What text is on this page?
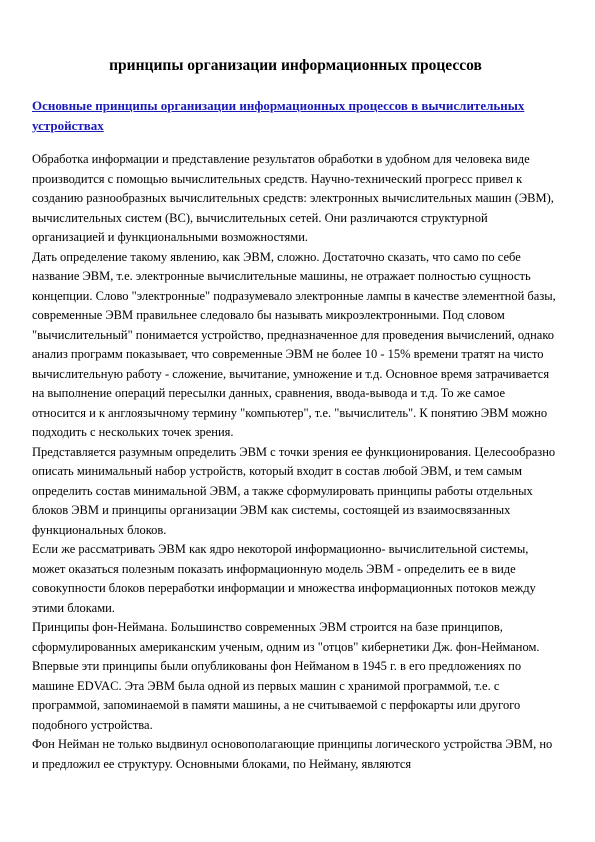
принципы организации информационных процессов
Основные принципы организации информационных процессов в вычислительных устройствах

Обработка информации и представление результатов обработки в удобном для человека виде производится с помощью вычислительных средств. Научно-технический прогресс привел к созданию разнообразных вычислительных средств: электронных вычислительных машин (ЭВМ), вычислительных систем (ВС), вычислительных сетей. Они различаются структурной организацией и функциональными возможностями.

Дать определение такому явлению, как ЭВМ, сложно. Достаточно сказать, что само по себе название ЭВМ, т.е. электронные вычислительные машины, не отражает полностью сущность концепции. Слово "электронные" подразумевало электронные лампы в качестве элементной базы, современные ЭВМ правильнее следовало бы называть микроэлектронными. Под словом "вычислительный" понимается устройство, предназначенное для проведения вычислений, однако анализ программ показывает, что современные ЭВМ не более 10 - 15% времени тратят на чисто вычислительную работу - сложение, вычитание, умножение и т.д. Основное время затрачивается на выполнение операций пересылки данных, сравнения, ввода-вывода и т.д. То же самое относится и к англоязычному термину "компьютер", т.е. "вычислитель". К понятию ЭВМ можно подходить с нескольких точек зрения.

Представляется разумным определить ЭВМ с точки зрения ее функционирования. Целесообразно описать минимальный набор устройств, который входит в состав любой ЭВМ, и тем самым определить состав минимальной ЭВМ, а также сформулировать принципы работы отдельных блоков ЭВМ и принципы организации ЭВМ как системы, состоящей из взаимосвязанных функциональных блоков.

Если же рассматривать ЭВМ как ядро некоторой информационно- вычислительной системы, может оказаться полезным показать информационную модель ЭВМ - определить ее в виде совокупности блоков переработки информации и множества информационных потоков между этими блоками.

Принципы фон-Неймана. Большинство современных ЭВМ строится на базе принципов, сформулированных американским ученым, одним из "отцов" кибернетики Дж. фон-Нейманом. Впервые эти принципы были опубликованы фон Нейманом в 1945 г. в его предложениях по машине EDVAC. Эта ЭВМ была одной из первых машин с хранимой программой, т.е. с программой, запоминаемой в памяти машины, а не считываемой с перфокарты или другого подобного устройства.

Фон Нейман не только выдвинул основополагающие принципы логического устройства ЭВМ, но и предложил ее структуру. Основными блоками, по Нейману, являются
